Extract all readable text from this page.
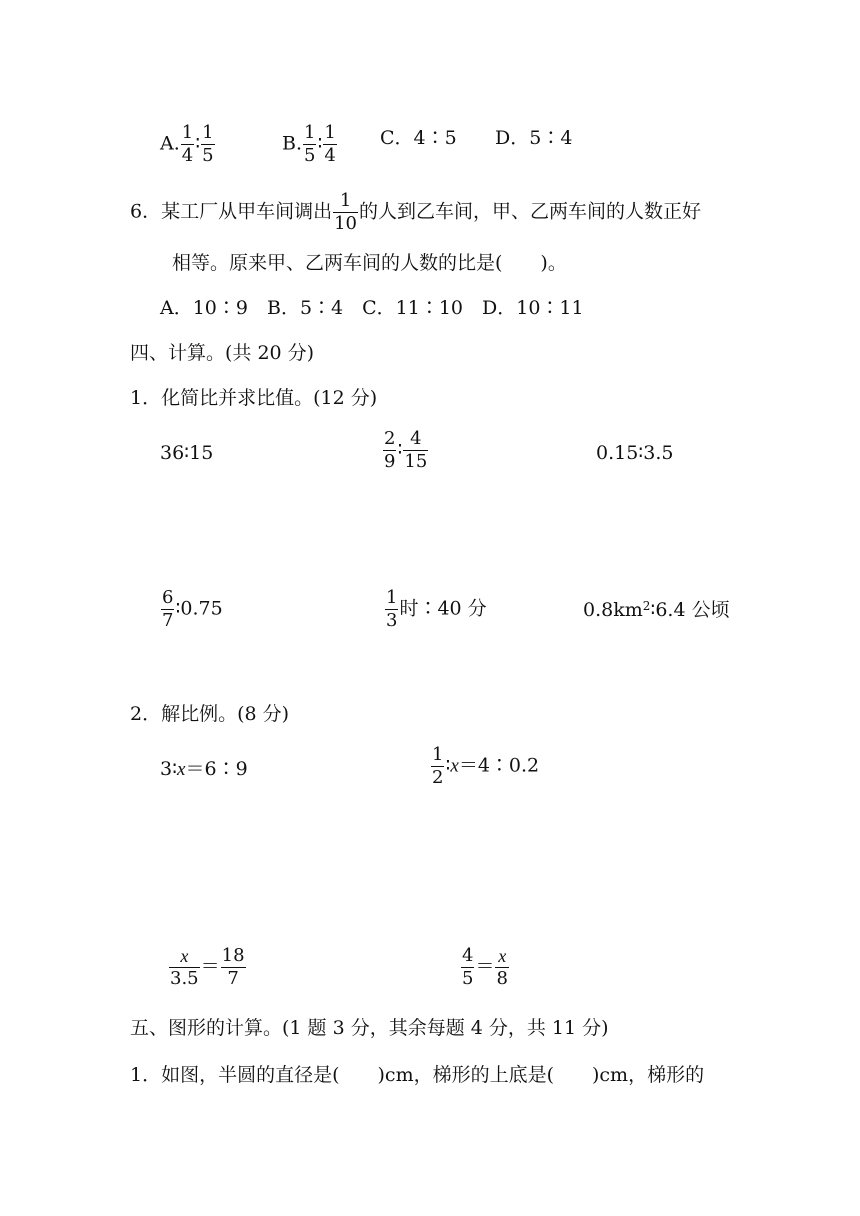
A. $\frac{1}{4}$ ∶ $\frac{1}{5}$	B. $\frac{1}{5}$ ∶ $\frac{1}{4}$ C．4∶5 D．5∶4
6．某工厂从甲车间调出 $\frac{1}{10}$ 的人到乙车间，甲、乙两车间的人数正好
相等。原来甲、乙两车间的人数的比是( )。
A．10∶9　B．5∶4　C．11∶10　D．10∶11
四、计算。(共 20 分)
1．化简比并求比值。(12 分)
36∶15	$\frac{2}{9}$ ∶ $\frac{4}{15}$	0.15∶3.5
$\frac{6}{7}$ ∶0.75	$\frac{1}{3}$ 时∶40 分	$0.8km^2∶6.4$ 公顷
2．解比例。(8 分)
3∶x＝6∶9	$\frac{1}{2}$ ∶x＝4∶0.2
$\frac{x}{3.5} = \frac{18}{7}$	$\frac{4}{5} = \frac{x}{8}$
五、图形的计算。(1 题 3 分，其余每题 4 分，共 11 分)
1．如图，半圆的直径是( )cm，梯形的上底是( )cm，梯形的
